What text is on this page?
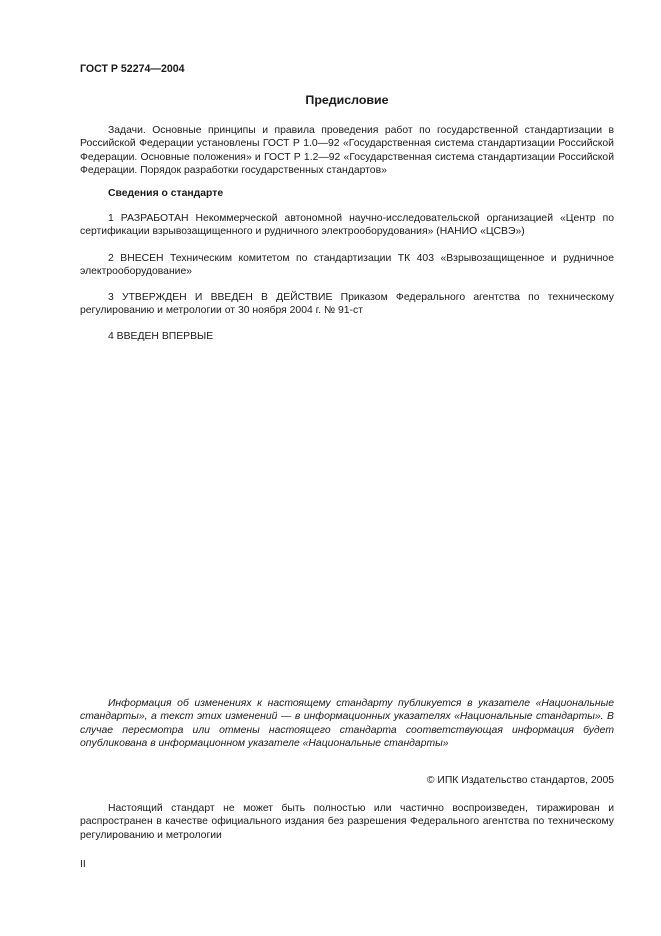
ГОСТ Р 52274—2004
Предисловие

Задачи. Основные принципы и правила проведения работ по государственной стандартизации в Российской Федерации установлены ГОСТ Р 1.0—92 «Государственная система стандартизации Российской Федерации. Основные положения» и ГОСТ Р 1.2—92 «Государственная система стандартизации Российской Федерации. Порядок разработки государственных стандартов»

Сведения о стандарте

1 РАЗРАБОТАН Некоммерческой автономной научно-исследовательской организацией «Центр по сертификации взрывозащищенного и рудничного электрооборудования» (НАНИО «ЦСВЭ»)

2 ВНЕСЕН Техническим комитетом по стандартизации ТК 403 «Взрывозащищенное и рудничное электрооборудование»

3 УТВЕРЖДЕН И ВВЕДЕН В ДЕЙСТВИЕ Приказом Федерального агентства по техническому регулированию и метрологии от 30 ноября 2004 г. № 91-ст

4 ВВЕДЕН ВПЕРВЫЕ

Информация об изменениях к настоящему стандарту публикуется в указателе «Национальные стандарты», а текст этих изменений — в информационных указателях «Национальные стандарты». В случае пересмотра или отмены настоящего стандарта соответствующая информация будет опубликована в информационном указателе «Национальные стандарты»

© ИПК Издательство стандартов, 2005

Настоящий стандарт не может быть полностью или частично воспроизведен, тиражирован и распространен в качестве официального издания без разрешения Федерального агентства по техническому регулированию и метрологии

II
